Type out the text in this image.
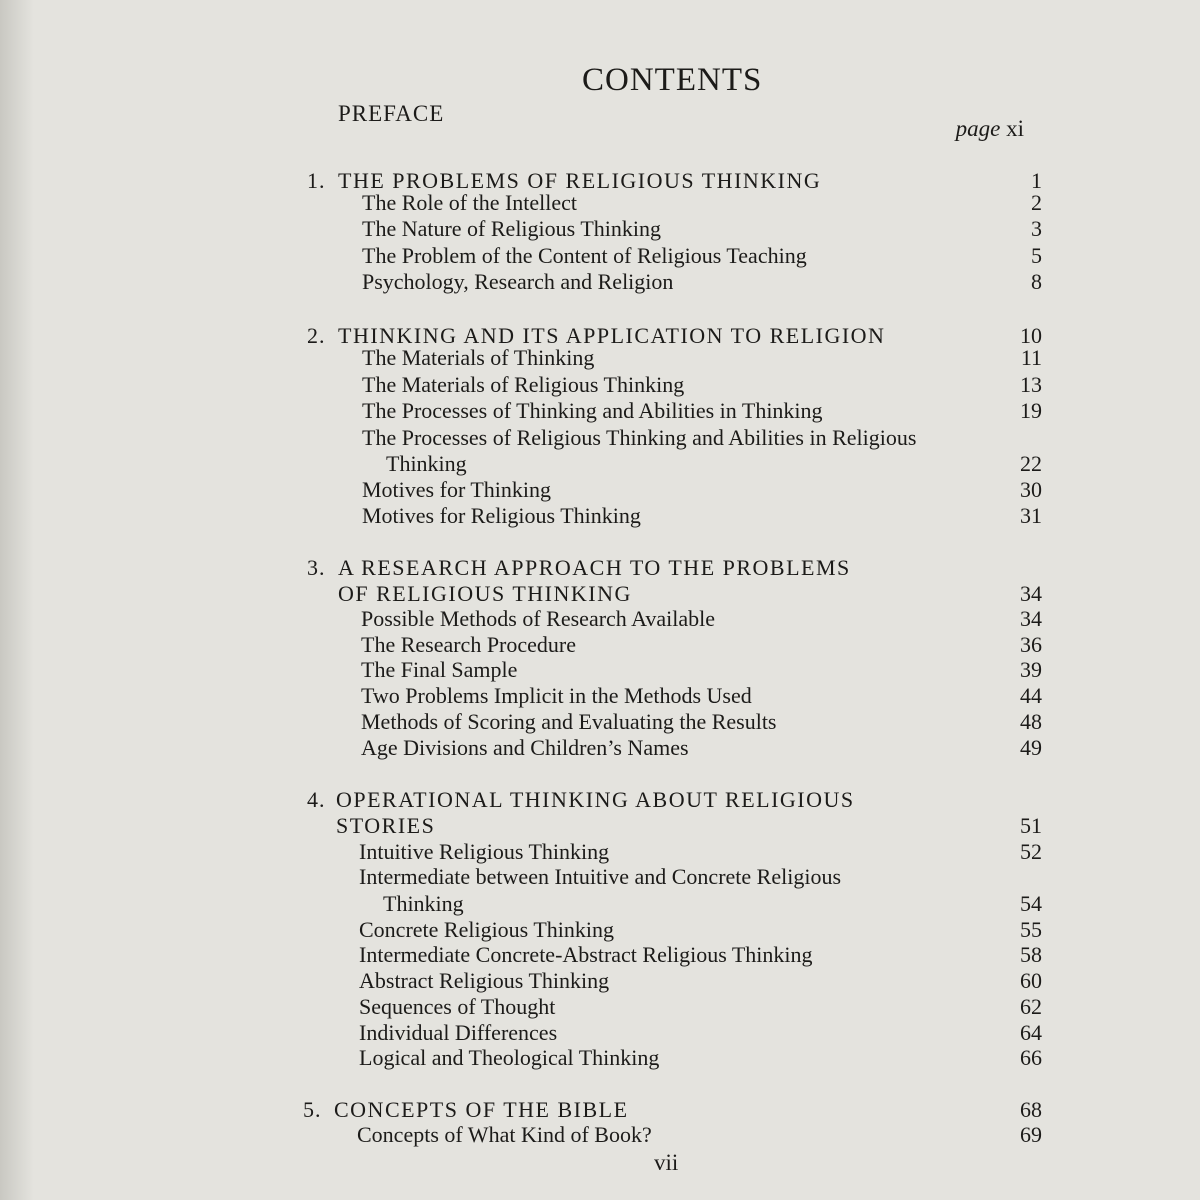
CONTENTS
PREFACE
page xi
1. THE PROBLEMS OF RELIGIOUS THINKING	1
The Role of the Intellect	2
The Nature of Religious Thinking	3
The Problem of the Content of Religious Teaching	5
Psychology, Research and Religion	8
2. THINKING AND ITS APPLICATION TO RELIGION	10
The Materials of Thinking	11
The Materials of Religious Thinking	13
The Processes of Thinking and Abilities in Thinking	19
The Processes of Religious Thinking and Abilities in Religious
Thinking	22
Motives for Thinking	30
Motives for Religious Thinking	31
3. A RESEARCH APPROACH TO THE PROBLEMS
OF RELIGIOUS THINKING	34
Possible Methods of Research Available	34
The Research Procedure	36
The Final Sample	39
Two Problems Implicit in the Methods Used	44
Methods of Scoring and Evaluating the Results	48
Age Divisions and Children’s Names	49
4. OPERATIONAL THINKING ABOUT RELIGIOUS
STORIES	51
Intuitive Religious Thinking	52
Intermediate between Intuitive and Concrete Religious
Thinking	54
Concrete Religious Thinking	55
Intermediate Concrete-Abstract Religious Thinking	58
Abstract Religious Thinking	60
Sequences of Thought	62
Individual Differences	64
Logical and Theological Thinking	66
5. CONCEPTS OF THE BIBLE	68
Concepts of What Kind of Book?	69
vii
